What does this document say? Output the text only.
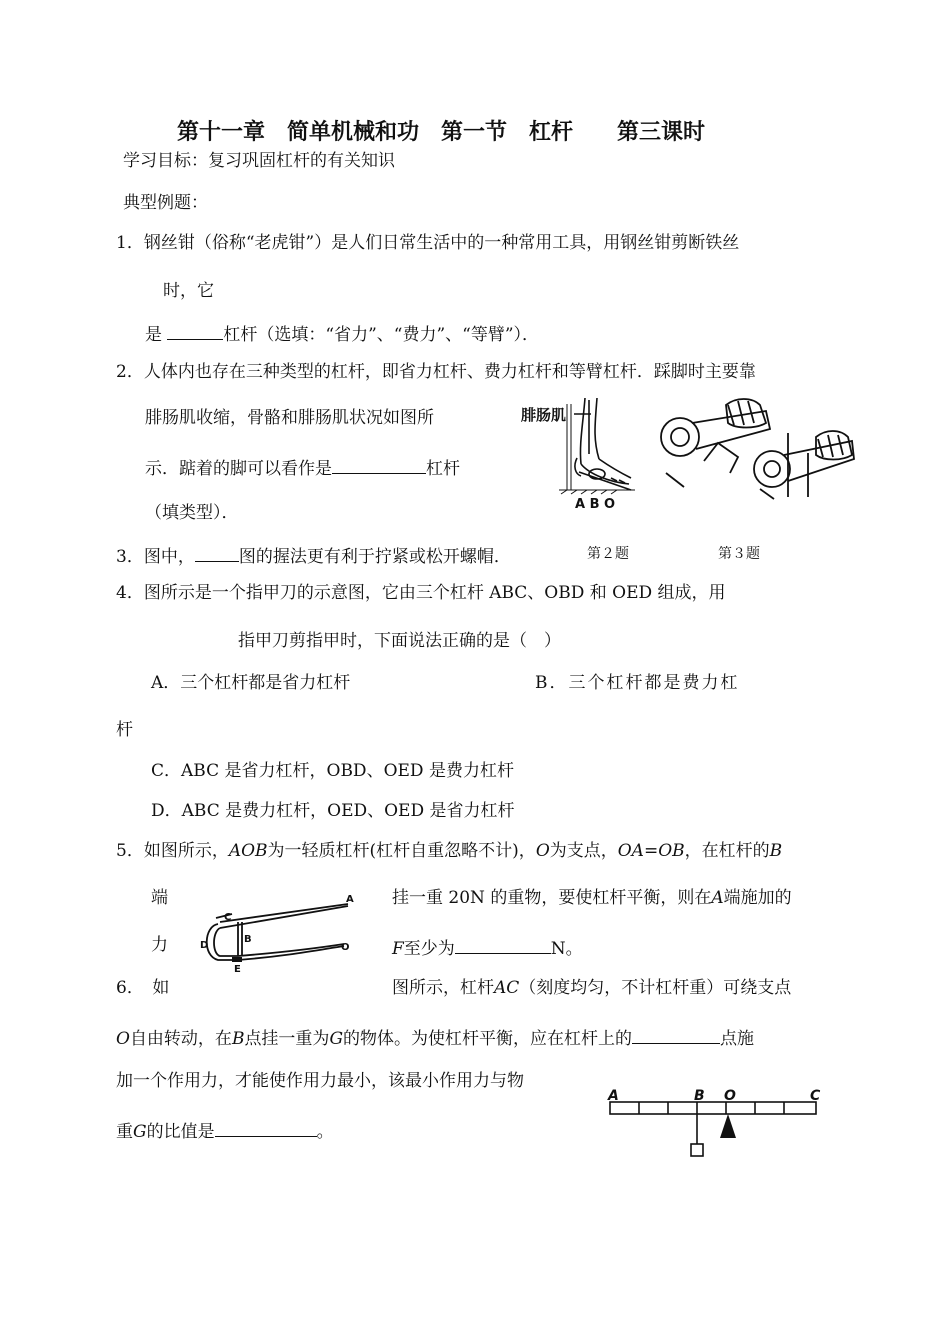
第十一章　简单机械和功　第一节　杠杆　　第三课时
学习目标：复习巩固杠杆的有关知识
典型例题：
1．钢丝钳（俗称“老虎钳”）是人们日常生活中的一种常用工具，用钢丝钳剪断铁丝
时，它
是	杠杆（选填：“省力”、“费力”、“等臂”）．
2．人体内也存在三种类型的杠杆，即省力杠杆、费力杠杆和等臂杠杆．踩脚时主要靠
腓肠肌收缩，骨骼和腓肠肌状况如图所
示．踮着的脚可以看作是	杠杆
（填类型）．
腓肠肌
A B O
3．图中，	图的握法更有利于拧紧或松开螺帽．	第２题	第３题
4．图所示是一个指甲刀的示意图，它由三个杠杆 ABC、OBD 和 OED 组成，用
指甲刀剪指甲时，下面说法正确的是（　）
A．三个杠杆都是省力杠杆	B．三个杠杆都是费力杠
杆
C．ABC 是省力杠杆，OBD、OED 是费力杠杆
D．ABC 是费力杠杆，OED、OED 是省力杠杆
5．如图所示，AOB为一轻质杠杆(杠杆自重忽略不计)，O为支点，OA=OB，在杠杆的B
端
力
挂一重 20N 的重物，要使杠杆平衡，则在A端施加的
F至少为	N。
A
C
B
D
E
O
6．　如	图所示，杠杆AC（刻度均匀，不计杠杆重）可绕支点
O自由转动，在B点挂一重为G的物体。为使杠杆平衡，应在杠杆上的	点施
加一个作用力，才能使作用力最小，该最小作用力与物
重G的比值是	。
A	B O	C
